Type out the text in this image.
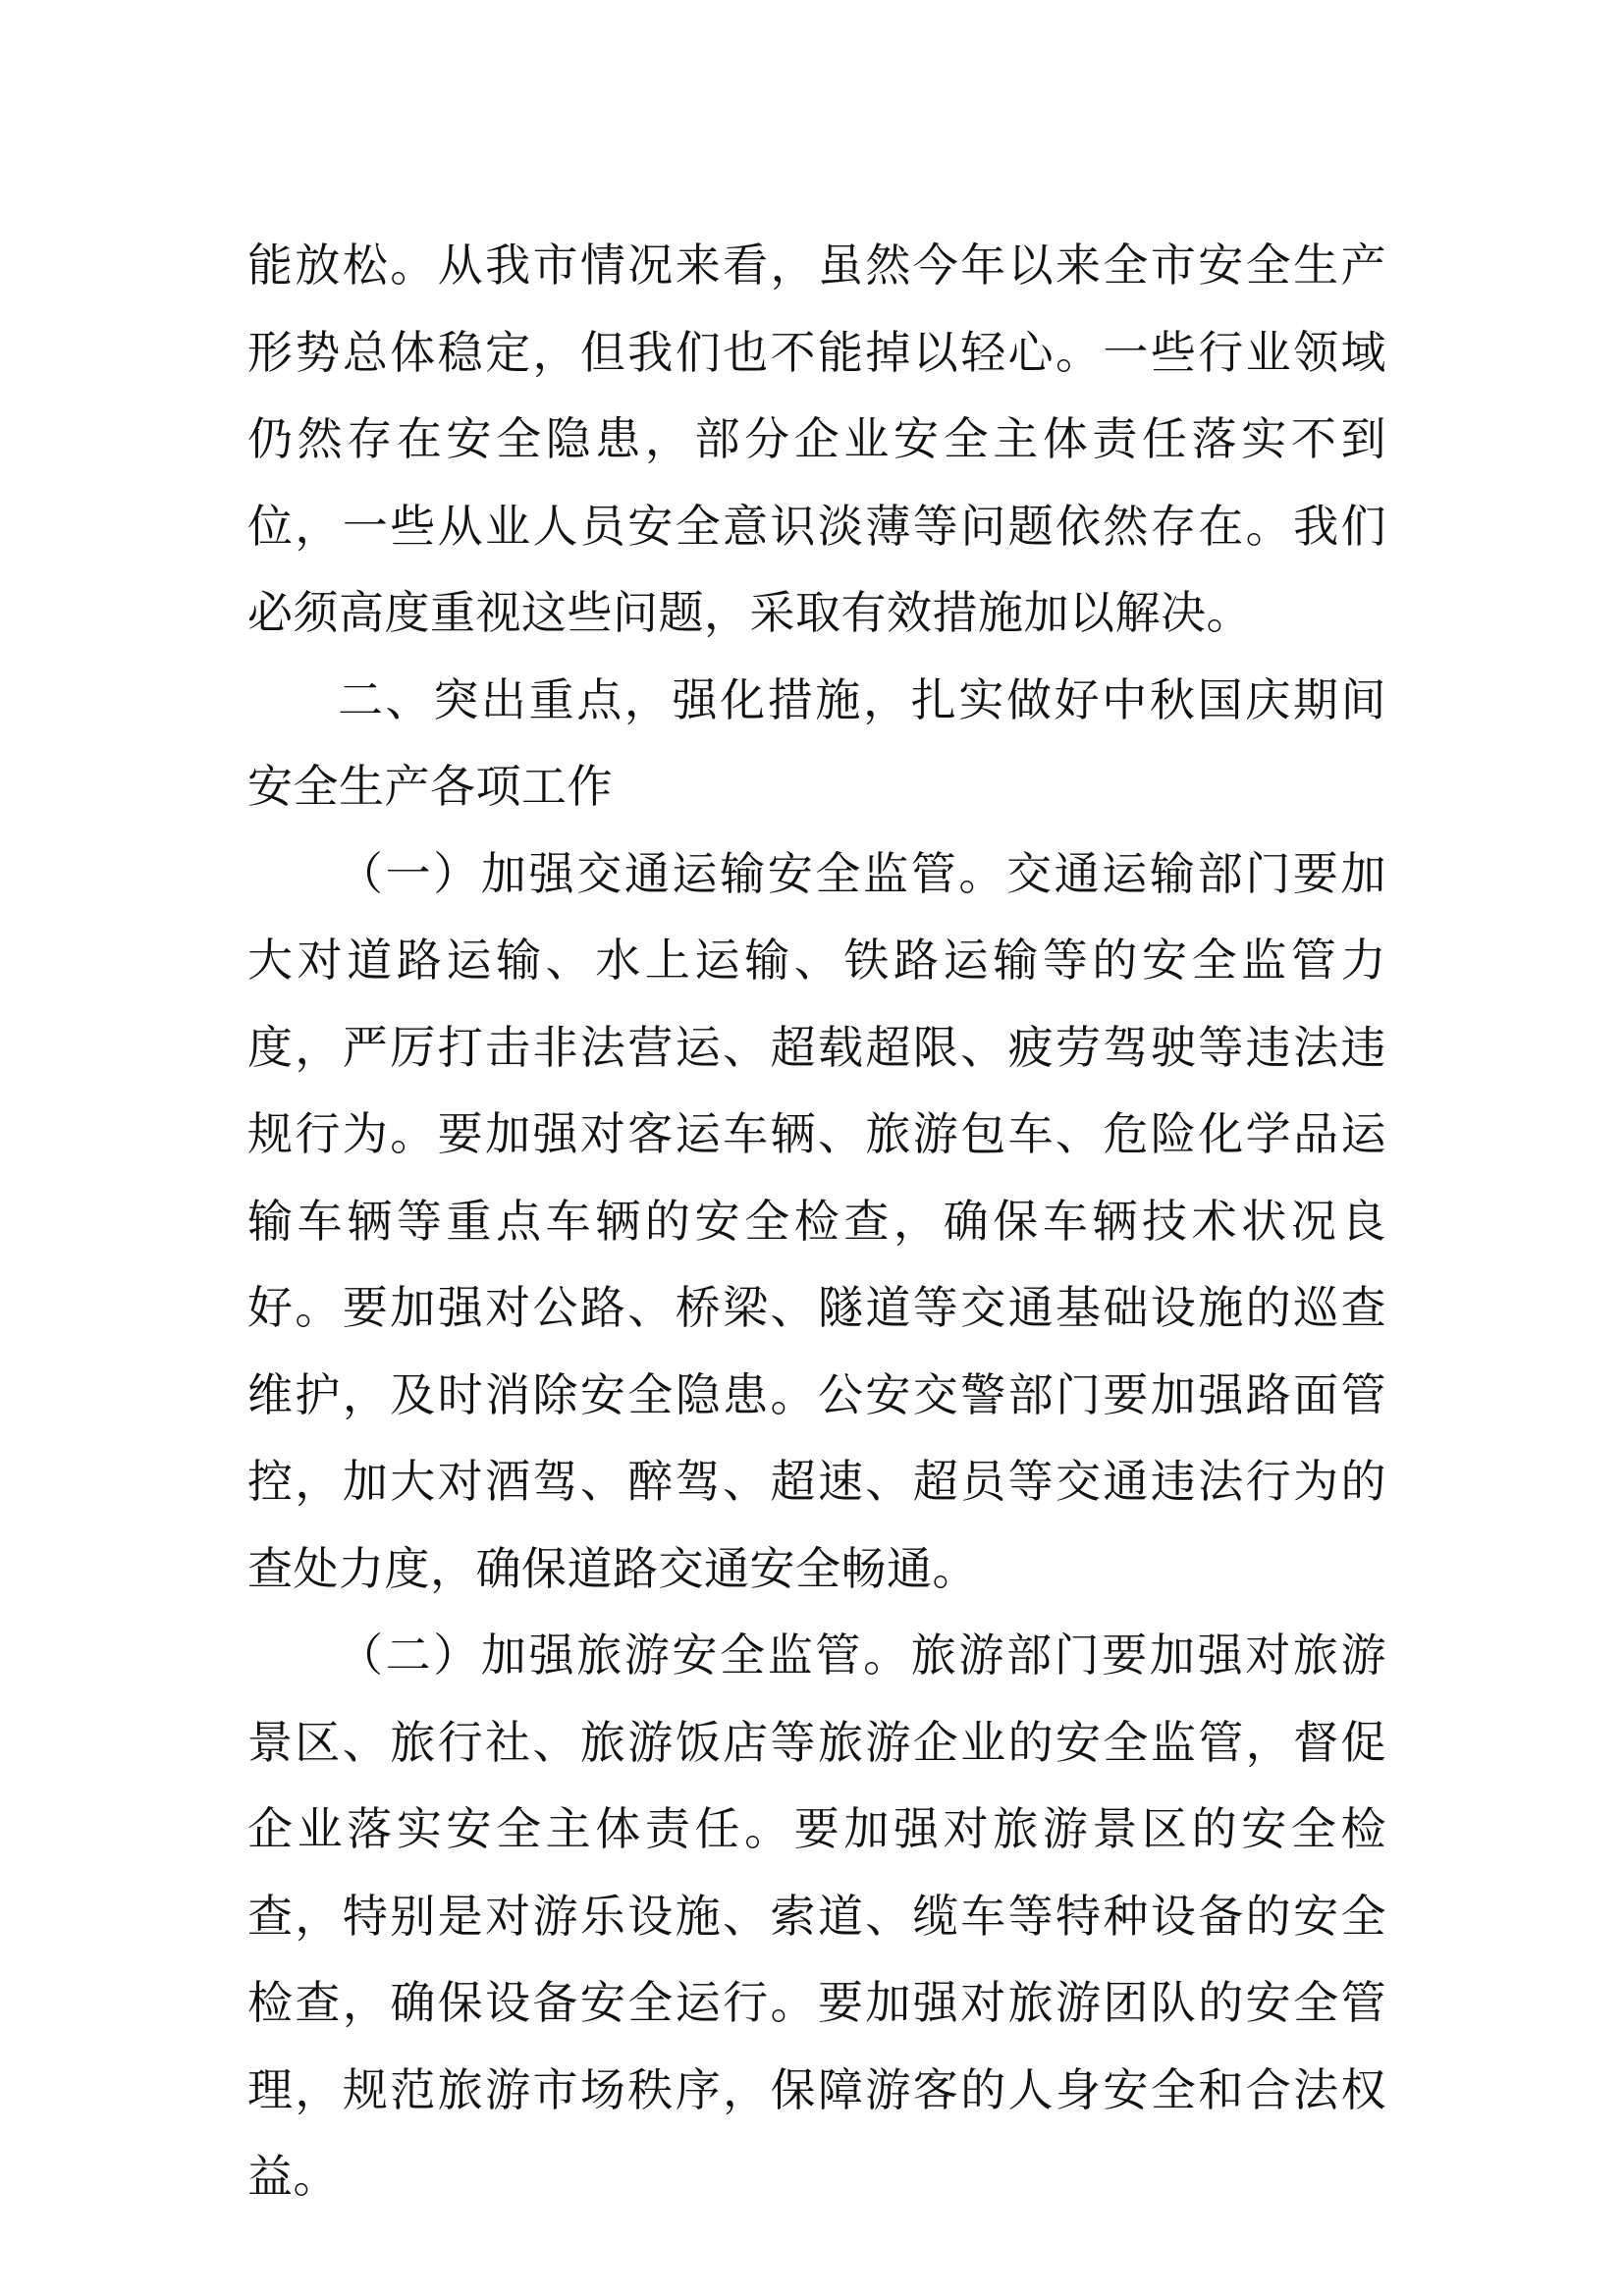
能放松。从我市情况来看，虽然今年以来全市安全生产形势总体稳定，但我们也不能掉以轻心。一些行业领域仍然存在安全隐患，部分企业安全主体责任落实不到位，一些从业人员安全意识淡薄等问题依然存在。我们必须高度重视这些问题，采取有效措施加以解决。

二、突出重点，强化措施，扎实做好中秋国庆期间安全生产各项工作

（一）加强交通运输安全监管。交通运输部门要加大对道路运输、水上运输、铁路运输等的安全监管力度，严厉打击非法营运、超载超限、疲劳驾驶等违法违规行为。要加强对客运车辆、旅游包车、危险化学品运输车辆等重点车辆的安全检查，确保车辆技术状况良好。要加强对公路、桥梁、隧道等交通基础设施的巡查维护，及时消除安全隐患。公安交警部门要加强路面管控，加大对酒驾、醉驾、超速、超员等交通违法行为的查处力度，确保道路交通安全畅通。

（二）加强旅游安全监管。旅游部门要加强对旅游景区、旅行社、旅游饭店等旅游企业的安全监管，督促企业落实安全主体责任。要加强对旅游景区的安全检查，特别是对游乐设施、索道、缆车等特种设备的安全检查，确保设备安全运行。要加强对旅游团队的安全管理，规范旅游市场秩序，保障游客的人身安全和合法权益。
